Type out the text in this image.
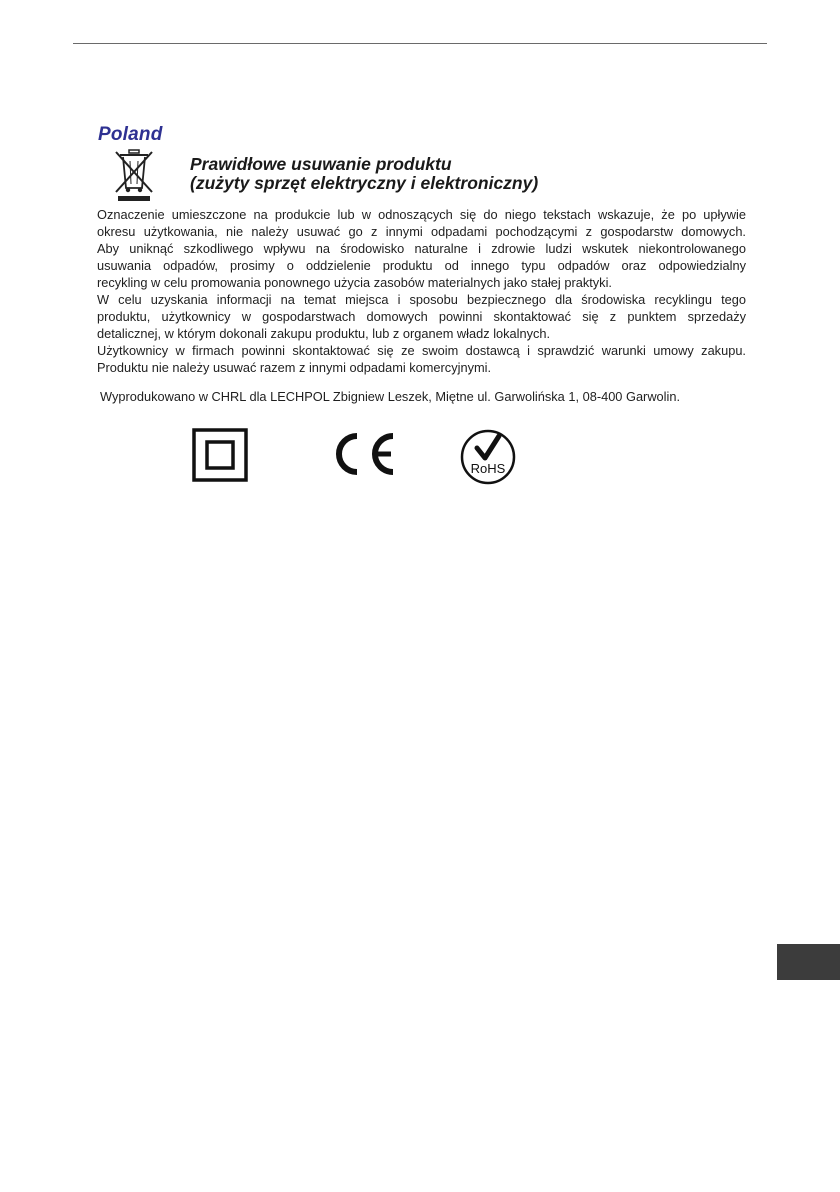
Poland
Prawidłowe usuwanie produktu
(zużyty sprzęt elektryczny i elektroniczny)
Oznaczenie umieszczone na produkcie lub w odnoszących się do niego tekstach wskazuje, że po upływie
okresu użytkowania, nie należy usuwać go z innymi odpadami pochodzącymi z gospodarstw domowych.
Aby uniknąć szkodliwego wpływu na środowisko naturalne i zdrowie ludzi wskutek niekontrolowanego
usuwania odpadów, prosimy o oddzielenie produktu od innego typu odpadów oraz odpowiedzialny
recykling w celu promowania ponownego użycia zasobów materialnych jako stałej praktyki.
W celu uzyskania informacji na temat miejsca i sposobu bezpiecznego dla środowiska recyklingu tego
produktu, użytkownicy w gospodarstwach domowych powinni skontaktować się z punktem sprzedaży
detalicznej, w którym dokonali zakupu produktu, lub z organem władz lokalnych.
Użytkownicy w firmach powinni skontaktować się ze swoim dostawcą i sprawdzić warunki umowy zakupu.
Produktu nie należy usuwać razem z innymi odpadami komercyjnymi.
Wyprodukowano w CHRL dla LECHPOL Zbigniew Leszek, Miętne ul. Garwolińska 1, 08-400 Garwolin.
RoHS
